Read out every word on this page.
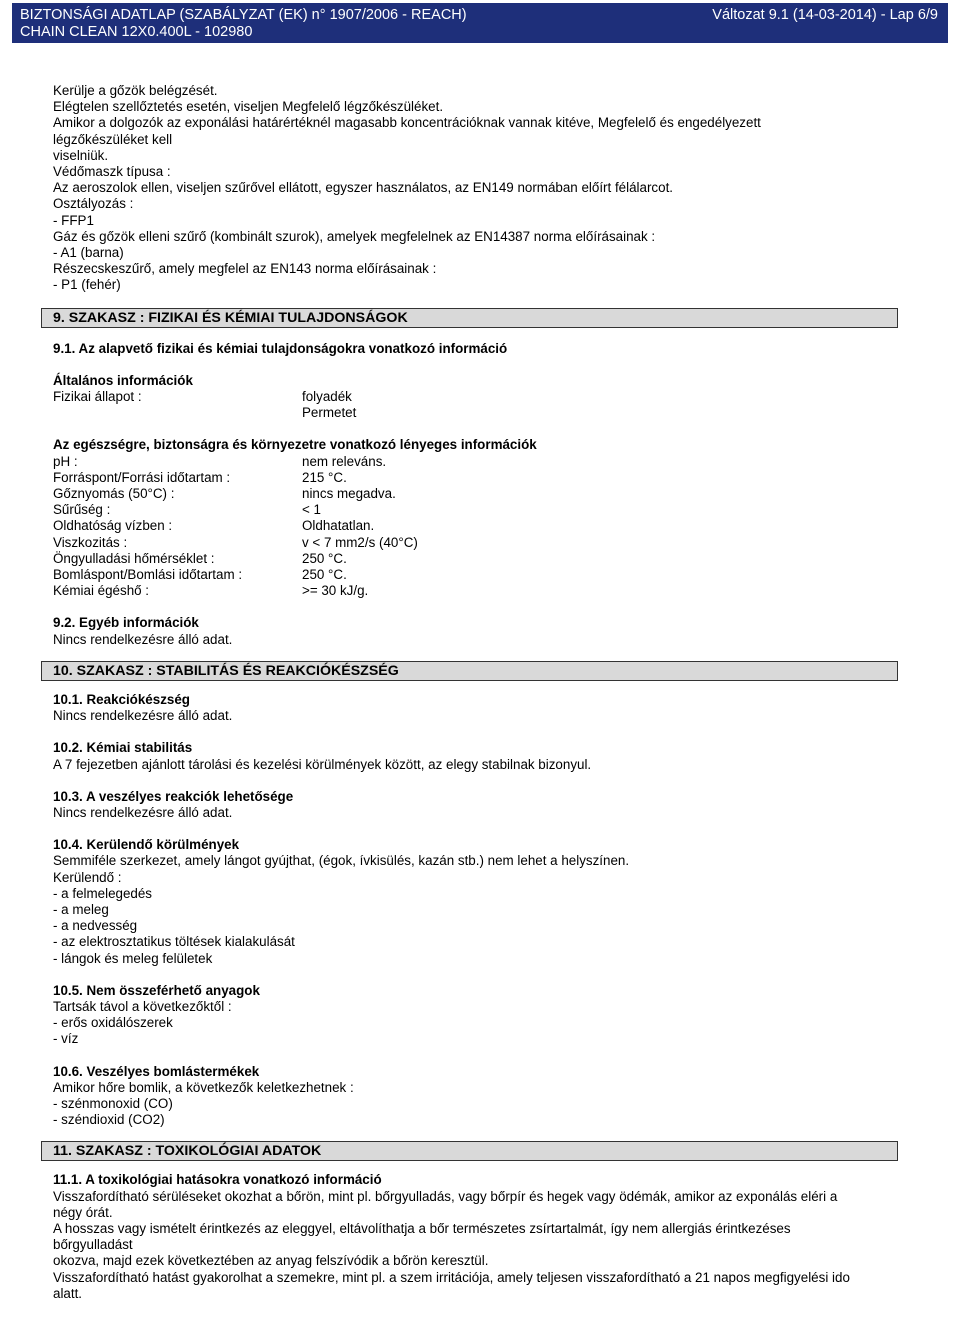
BIZTONSÁGI ADATLAP (SZABÁLYZAT (EK) n° 1907/2006 - REACH)
CHAIN CLEAN 12X0.400L - 102980
Változat 9.1 (14-03-2014) - Lap 6/9
Kerülje a gőzök belégzését.
Elégtelen szellőztetés esetén, viseljen Megfelelő légzőkészüléket.
Amikor a dolgozók az exponálási határértéknél magasabb koncentrációknak vannak kitéve, Megfelelő és engedélyezett
légzőkészüléket kell
viselniük.
Védőmaszk típusa :
Az aeroszolok ellen, viseljen szűrővel ellátott, egyszer használatos, az EN149 normában előírt félálarcot.
Osztályozás :
- FFP1
Gáz és gőzök elleni szűrő (kombinált szurok), amelyek megfelelnek az EN14387 norma előírásainak :
- A1 (barna)
Részecskeszűrő, amely megfelel az EN143 norma előírásainak :
- P1 (fehér)
9. SZAKASZ : FIZIKAI ÉS KÉMIAI TULAJDONSÁGOK
9.1. Az alapvető fizikai és kémiai tulajdonságokra vonatkozó információ
Általános információk
Fizikai állapot :	folyadék
Permetet
Az egészségre, biztonságra és környezetre vonatkozó lényeges információk
pH :	nem releváns.
Forráspont/Forrási időtartam :	215 °C.
Gőznyomás (50°C) :	nincs megadva.
Sűrűség :	< 1
Oldhatóság vízben :	Oldhatatlan.
Viszkozitás :	v < 7 mm2/s (40°C)
Öngyulladási hőmérséklet :	250 °C.
Bomláspont/Bomlási időtartam :	250 °C.
Kémiai égéshő :	>= 30 kJ/g.
9.2. Egyéb információk
Nincs rendelkezésre álló adat.
10. SZAKASZ : STABILITÁS ÉS REAKCIÓKÉSZSÉG
10.1. Reakciókészség
Nincs rendelkezésre álló adat.
10.2. Kémiai stabilitás
A 7 fejezetben ajánlott tárolási és kezelési körülmények között, az elegy stabilnak bizonyul.
10.3. A veszélyes reakciók lehetősége
Nincs rendelkezésre álló adat.
10.4. Kerülendő körülmények
Semmiféle szerkezet, amely lángot gyújthat, (égok, ívkisülés, kazán stb.) nem lehet a helyszínen.
Kerülendő :
- a felmelegedés
- a meleg
- a nedvesség
- az elektrosztatikus töltések kialakulását
- lángok és meleg felületek
10.5. Nem összeférhető anyagok
Tartsák távol a következőktől :
- erős oxidálószerek
- víz
10.6. Veszélyes bomlástermékek
Amikor hőre bomlik, a következők keletkezhetnek :
- szénmonoxid (CO)
- széndioxid (CO2)
11. SZAKASZ : TOXIKOLÓGIAI ADATOK
11.1. A toxikológiai hatásokra vonatkozó információ
Visszafordítható sérüléseket okozhat a bőrön, mint pl. bőrgyulladás, vagy bőrpír és hegek vagy ödémák, amikor az exponálás eléri a
négy órát.
A hosszas vagy ismételt érintkezés az eleggyel, eltávolíthatja a bőr természetes zsírtartalmát, így nem allergiás érintkezéses
bőrgyulladást
okozva, majd ezek következtében az anyag felszívódik a bőrön keresztül.
Visszafordítható hatást gyakorolhat a szemekre, mint pl. a szem irritációja, amely teljesen visszafordítható a 21 napos megfigyelési ido
alatt.
